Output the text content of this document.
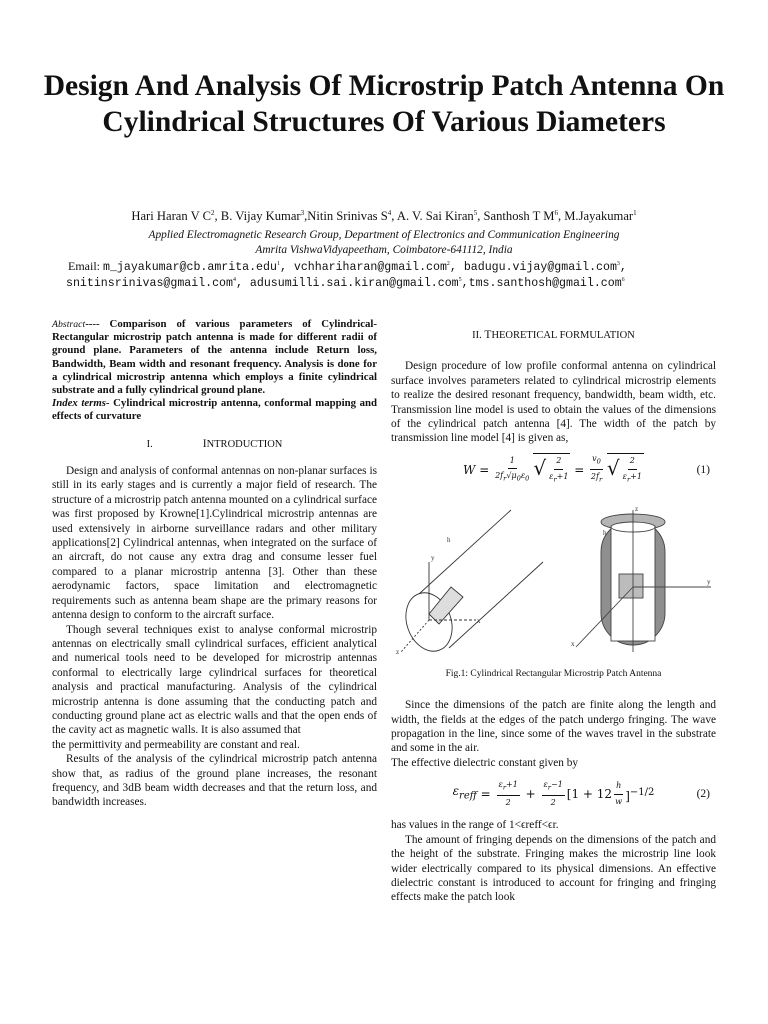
Design And Analysis Of Microstrip Patch Antenna On Cylindrical Structures Of Various Diameters
Hari Haran V $C^2$, B. Vijay Kumar$^3$,Nitin Srinivas $S^4$, A. V. Sai Kiran$^5$, Santhosh T $M^6$, M.Jayakumar$^1$
Applied Electromagnetic Research Group, Department of Electronics and Communication Engineering
Amrita VishwaVidyapeetham, Coimbatore-641112, India
Email: m_jayakumar@cb.amrita.edu$^1$, vchhariharan@gmail.com$^2$, badugu.vijay@gmail.com$^3$,
snitinsrinivas@gmail.com$^4$, adusumilli.sai.kiran@gmail.com$^5$,tms.santhosh@gmail.com$^6$

Abstract---- Comparison of various parameters of Cylindrical-Rectangular microstrip patch antenna is made for different radii of ground plane. Parameters of the antenna include Return loss, Bandwidth, Beam width and resonant frequency. Analysis is done for a cylindrical microstrip antenna which employs a finite cylindrical substrate and a fully cylindrical ground plane.

Index terms- Cylindrical microstrip antenna, conformal mapping and effects of curvature

I.	INTRODUCTION

Design and analysis of conformal antennas on non-planar surfaces is still in its early stages and is currently a major field of research. The structure of a microstrip patch antenna mounted on a cylindrical surface was first proposed by Krowne[1].Cylindrical microstrip antennas are used extensively in airborne surveillance radars and other military applications[2] Cylindrical antennas, when integrated on the surface of an aircraft, do not cause any extra drag and consume lesser fuel compared to a planar microstrip antenna [3]. Other than these aerodynamic factors, space limitation and electromagnetic requirements such as antenna beam shape are the primary reasons for antenna design to conform to the aircraft surface.

Though several techniques exist to analyse conformal microstrip antennas on electrically small cylindrical surfaces, efficient analytical and numerical tools need to be developed for microstrip antennas conformal to electrically large cylindrical surfaces for theoretical analysis and practical manufacturing. Analysis of the cylindrical microstrip antenna is done assuming that the conducting patch and conducting ground plane act as electric walls and that the open ends of the cavity act as magnetic walls. It is also assumed that

the permittivity and permeability are constant and real.

Results of the analysis of the cylindrical microstrip patch antenna show that, as radius of the ground plane increases, the resonant frequency, and 3dB beam width decreases and that the return loss, and bandwidth increases.

II. THEORETICAL FORMULATION

Design procedure of low profile conformal antenna on cylindrical surface involves parameters related to cylindrical microstrip elements to realize the desired resonant frequency, bandwidth, beam width, etc. Transmission line model is used to obtain the values of the dimensions of the cylindrical patch antenna [4]. The width of the patch by transmission line model [4] is given as,

$W = \frac{1}{2f_r√\mu_0\varepsilon_0}$ √ $\frac{2}{\varepsilon_r+1} = \frac{v_0}{2f_r}$ √ $\frac{2}{\varepsilon_r+1}$	(1)
y
z
x
h
z
y
x
h
Fig.1: Cylindrical Rectangular Microstrip Patch Antenna

Since the dimensions of the patch are finite along the length and width, the fields at the edges of the patch undergo fringing. The wave propagation in the line, since some of the waves travel in the substrate and some in the air.

The effective dielectric constant given by

$\varepsilon_{reff} = \frac{\varepsilon_r+1}{2} + \frac{\varepsilon_r-1}{2} [1 + 12 \frac{h}{w} ]^{-1/2}$	(2)

has values in the range of 1<ϵreff<ϵr.

The amount of fringing depends on the dimensions of the patch and the height of the substrate. Fringing makes the microstrip line look wider electrically compared to its physical dimensions. An effective dielectric constant is introduced to account for fringing and fringing effects make the patch look
